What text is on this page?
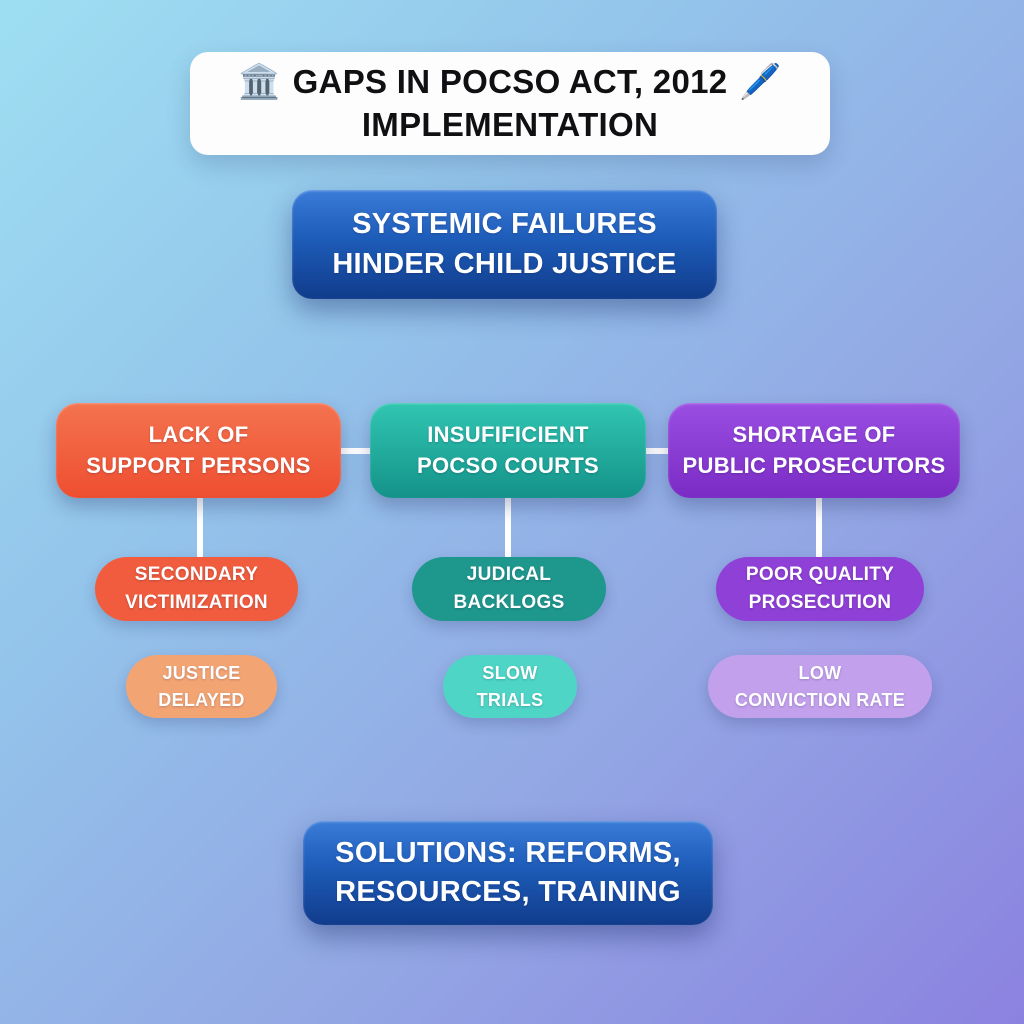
🏛️ GAPS IN POCSO ACT, 2012 🖊️
IMPLEMENTATION
SYSTEMIC FAILURES
HINDER CHILD JUSTICE
LACK OF
SUPPORT PERSONS
INSUFIFICIENT
POCSO COURTS
SHORTAGE OF
PUBLIC PROSECUTORS
SECONDARY
VICTIMIZATION
JUDICAL
BACKLOGS
POOR QUALITY
PROSECUTION
JUSTICE
DELAYED
SLOW
TRIALS
LOW
CONVICTION RATE
SOLUTIONS: REFORMS,
RESOURCES, TRAINING
